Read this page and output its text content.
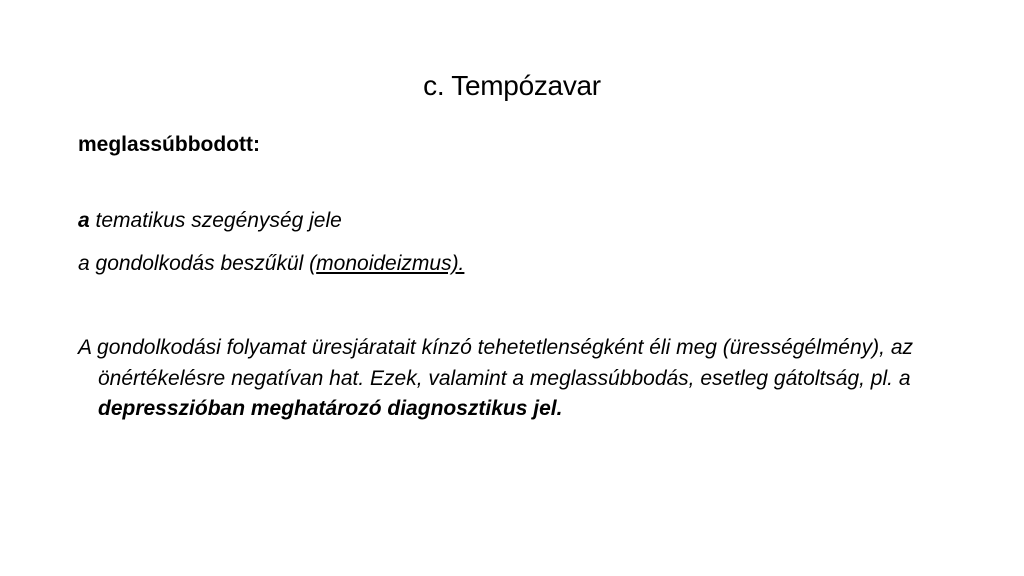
c. Tempózavar
meglassúbbodott:
a tematikus szegénység jele
a gondolkodás beszűkül (monoideizmus).
A gondolkodási folyamat üresjáratait kínzó tehetetlenségként éli meg (ürességélmény), az önértékelésre negatívan hat. Ezek, valamint a meglassúbbodás, esetleg gátoltság, pl. a depresszióban meghatározó diagnosztikus jel.
